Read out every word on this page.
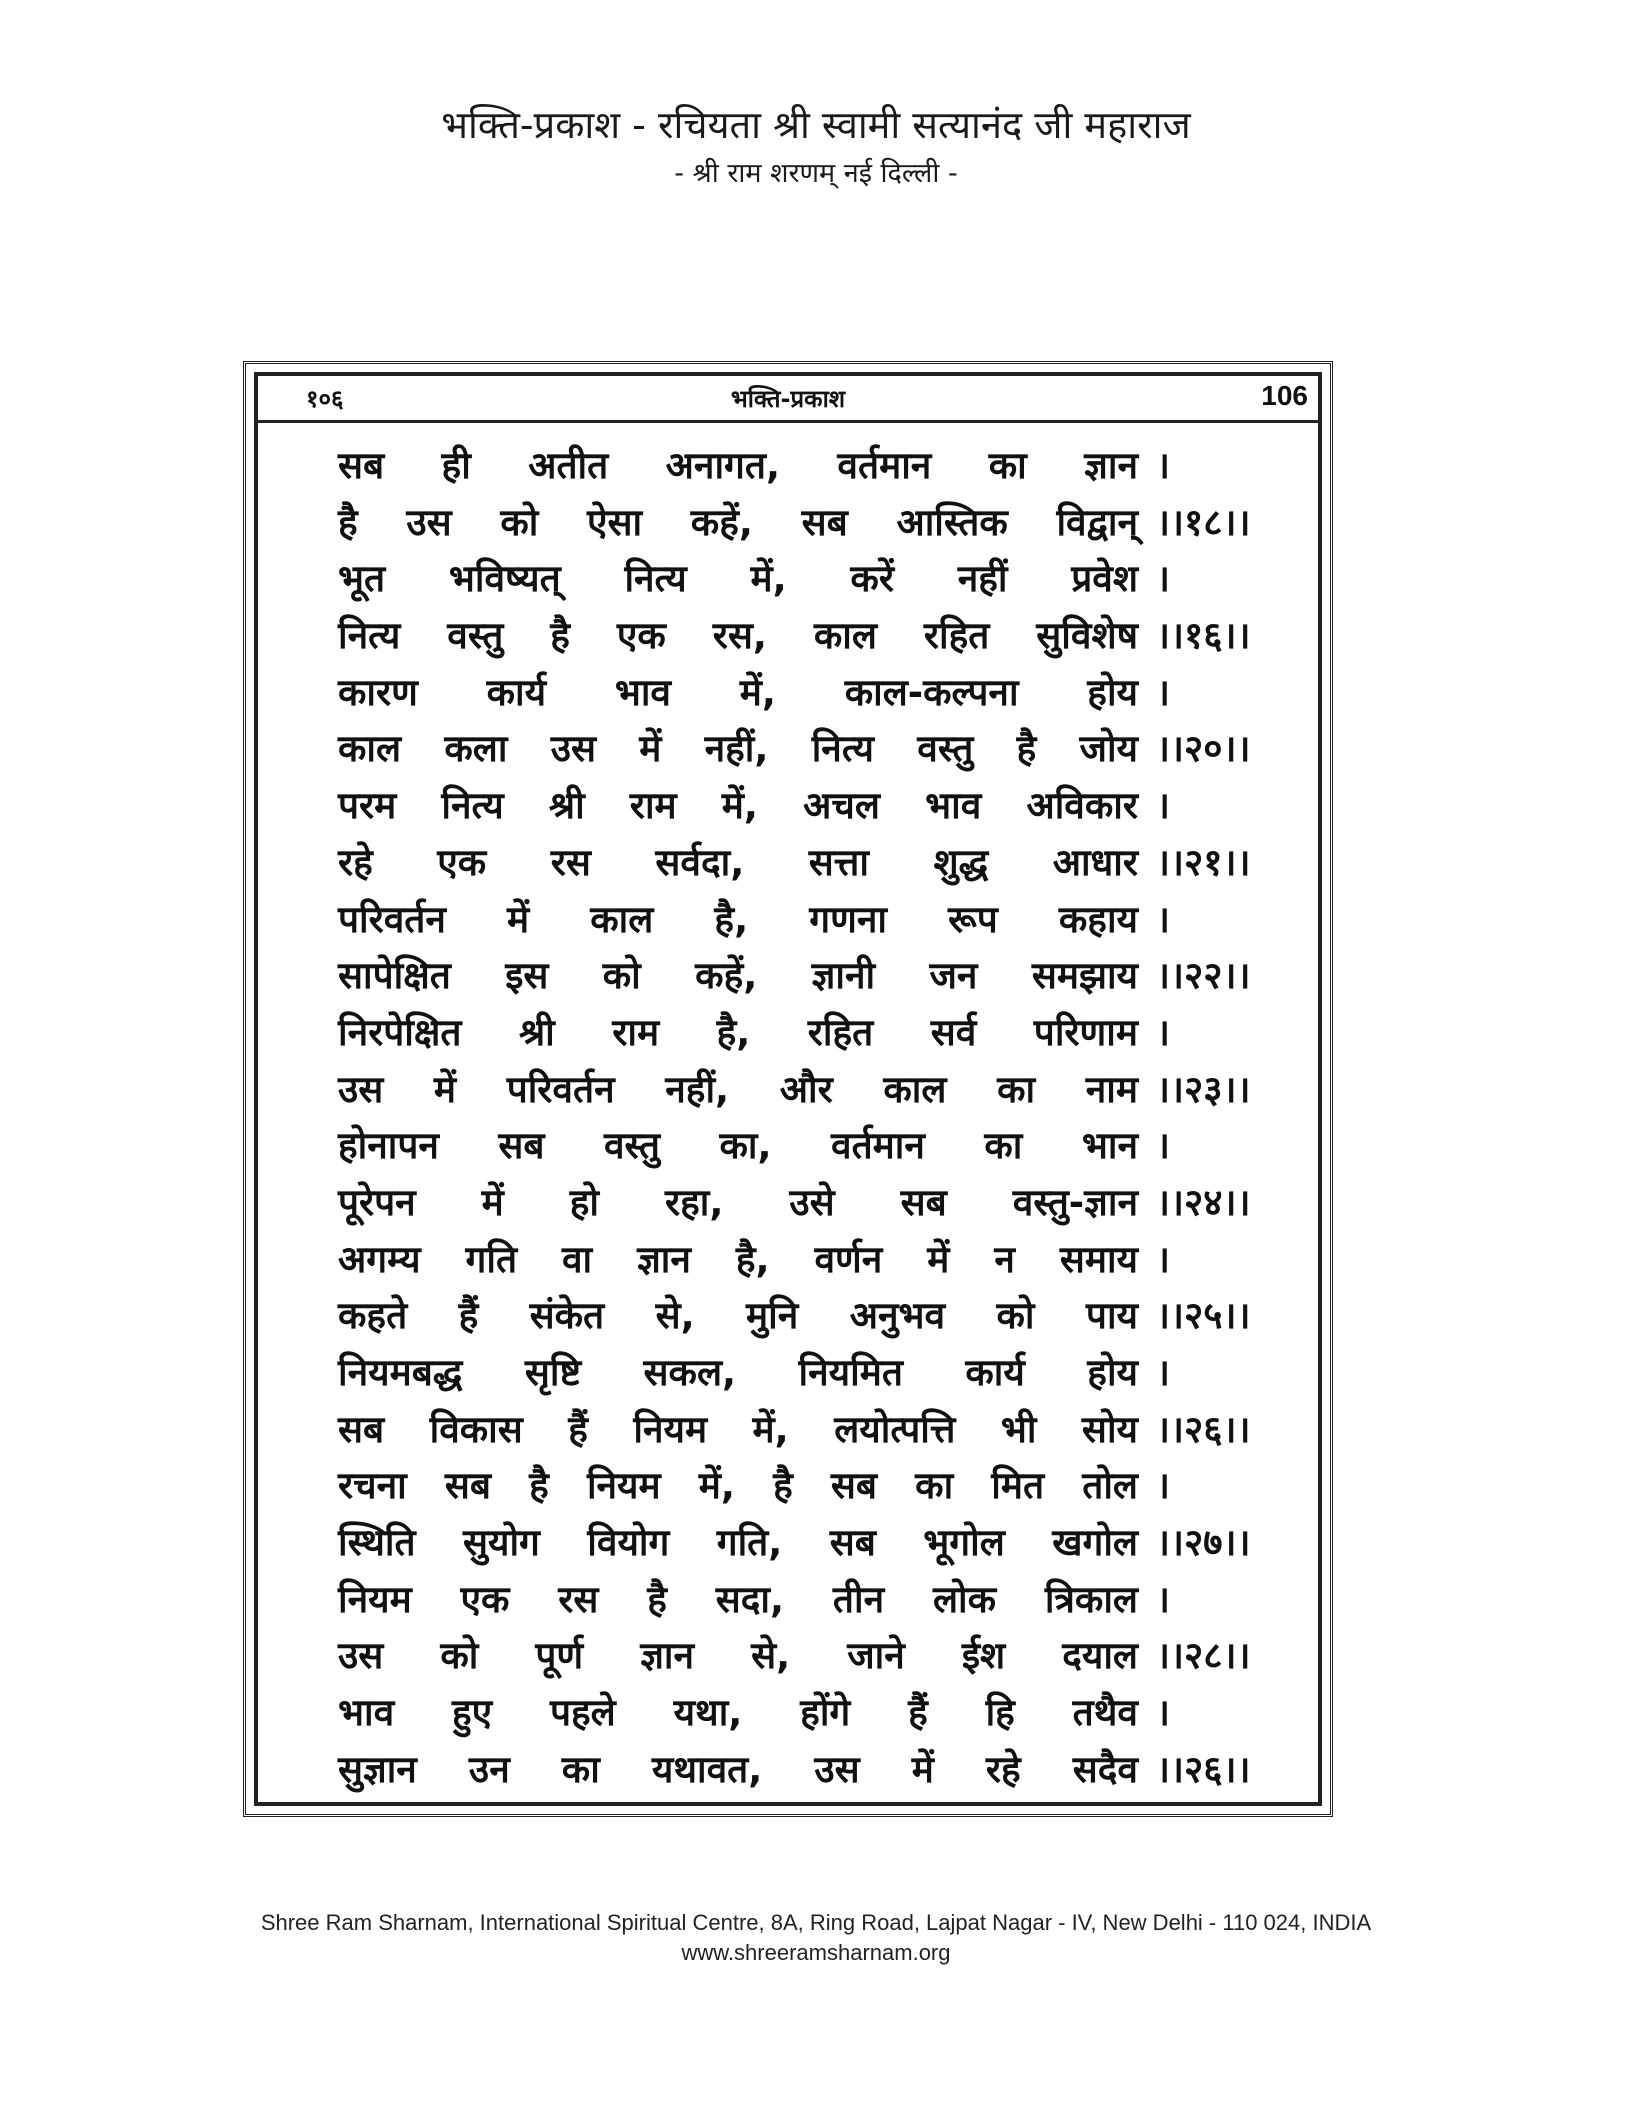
भक्ति-प्रकाश - रचियता श्री स्वामी सत्यानंद जी महाराज
- श्री राम शरणम् नई दिल्ली -
१०६	भक्ति-प्रकाश	106
सब ही अतीत अनागत, वर्तमान का ज्ञान ।
है उस को ऐसा कहें, सब आस्तिक विद्वान् ।।१८।।
भूत भविष्यत् नित्य में, करें नहीं प्रवेश ।
नित्य वस्तु है एक रस, काल रहित सुविशेष ।।१६।।
कारण कार्य भाव में, काल-कल्पना होय ।
काल कला उस में नहीं, नित्य वस्तु है जोय ।।२०।।
परम नित्य श्री राम में, अचल भाव अविकार ।
रहे एक रस सर्वदा, सत्ता शुद्ध आधार ।।२१।।
परिवर्तन में काल है, गणना रूप कहाय ।
सापेक्षित इस को कहें, ज्ञानी जन समझाय ।।२२।।
निरपेक्षित श्री राम है, रहित सर्व परिणाम ।
उस में परिवर्तन नहीं, और काल का नाम ।।२३।।
होनापन सब वस्तु का, वर्तमान का भान ।
पूरेपन में हो रहा, उसे सब वस्तु-ज्ञान ।।२४।।
अगम्य गति वा ज्ञान है, वर्णन में न समाय ।
कहते हैं संकेत से, मुनि अनुभव को पाय ।।२५।।
नियमबद्ध सृष्टि सकल, नियमित कार्य होय ।
सब विकास हैं नियम में, लयोत्पत्ति भी सोय ।।२६।।
रचना सब है नियम में, है सब का मित तोल ।
स्थिति सुयोग वियोग गति, सब भूगोल खगोल ।।२७।।
नियम एक रस है सदा, तीन लोक त्रिकाल ।
उस को पूर्ण ज्ञान से, जाने ईश दयाल ।।२८।।
भाव हुए पहले यथा, होंगे हैं हि तथैव ।
सुज्ञान उन का यथावत, उस में रहे सदैव ।।२६।।
Shree Ram Sharnam, International Spiritual Centre, 8A, Ring Road, Lajpat Nagar - IV, New Delhi - 110 024, INDIA
www.shreeramsharnam.org
